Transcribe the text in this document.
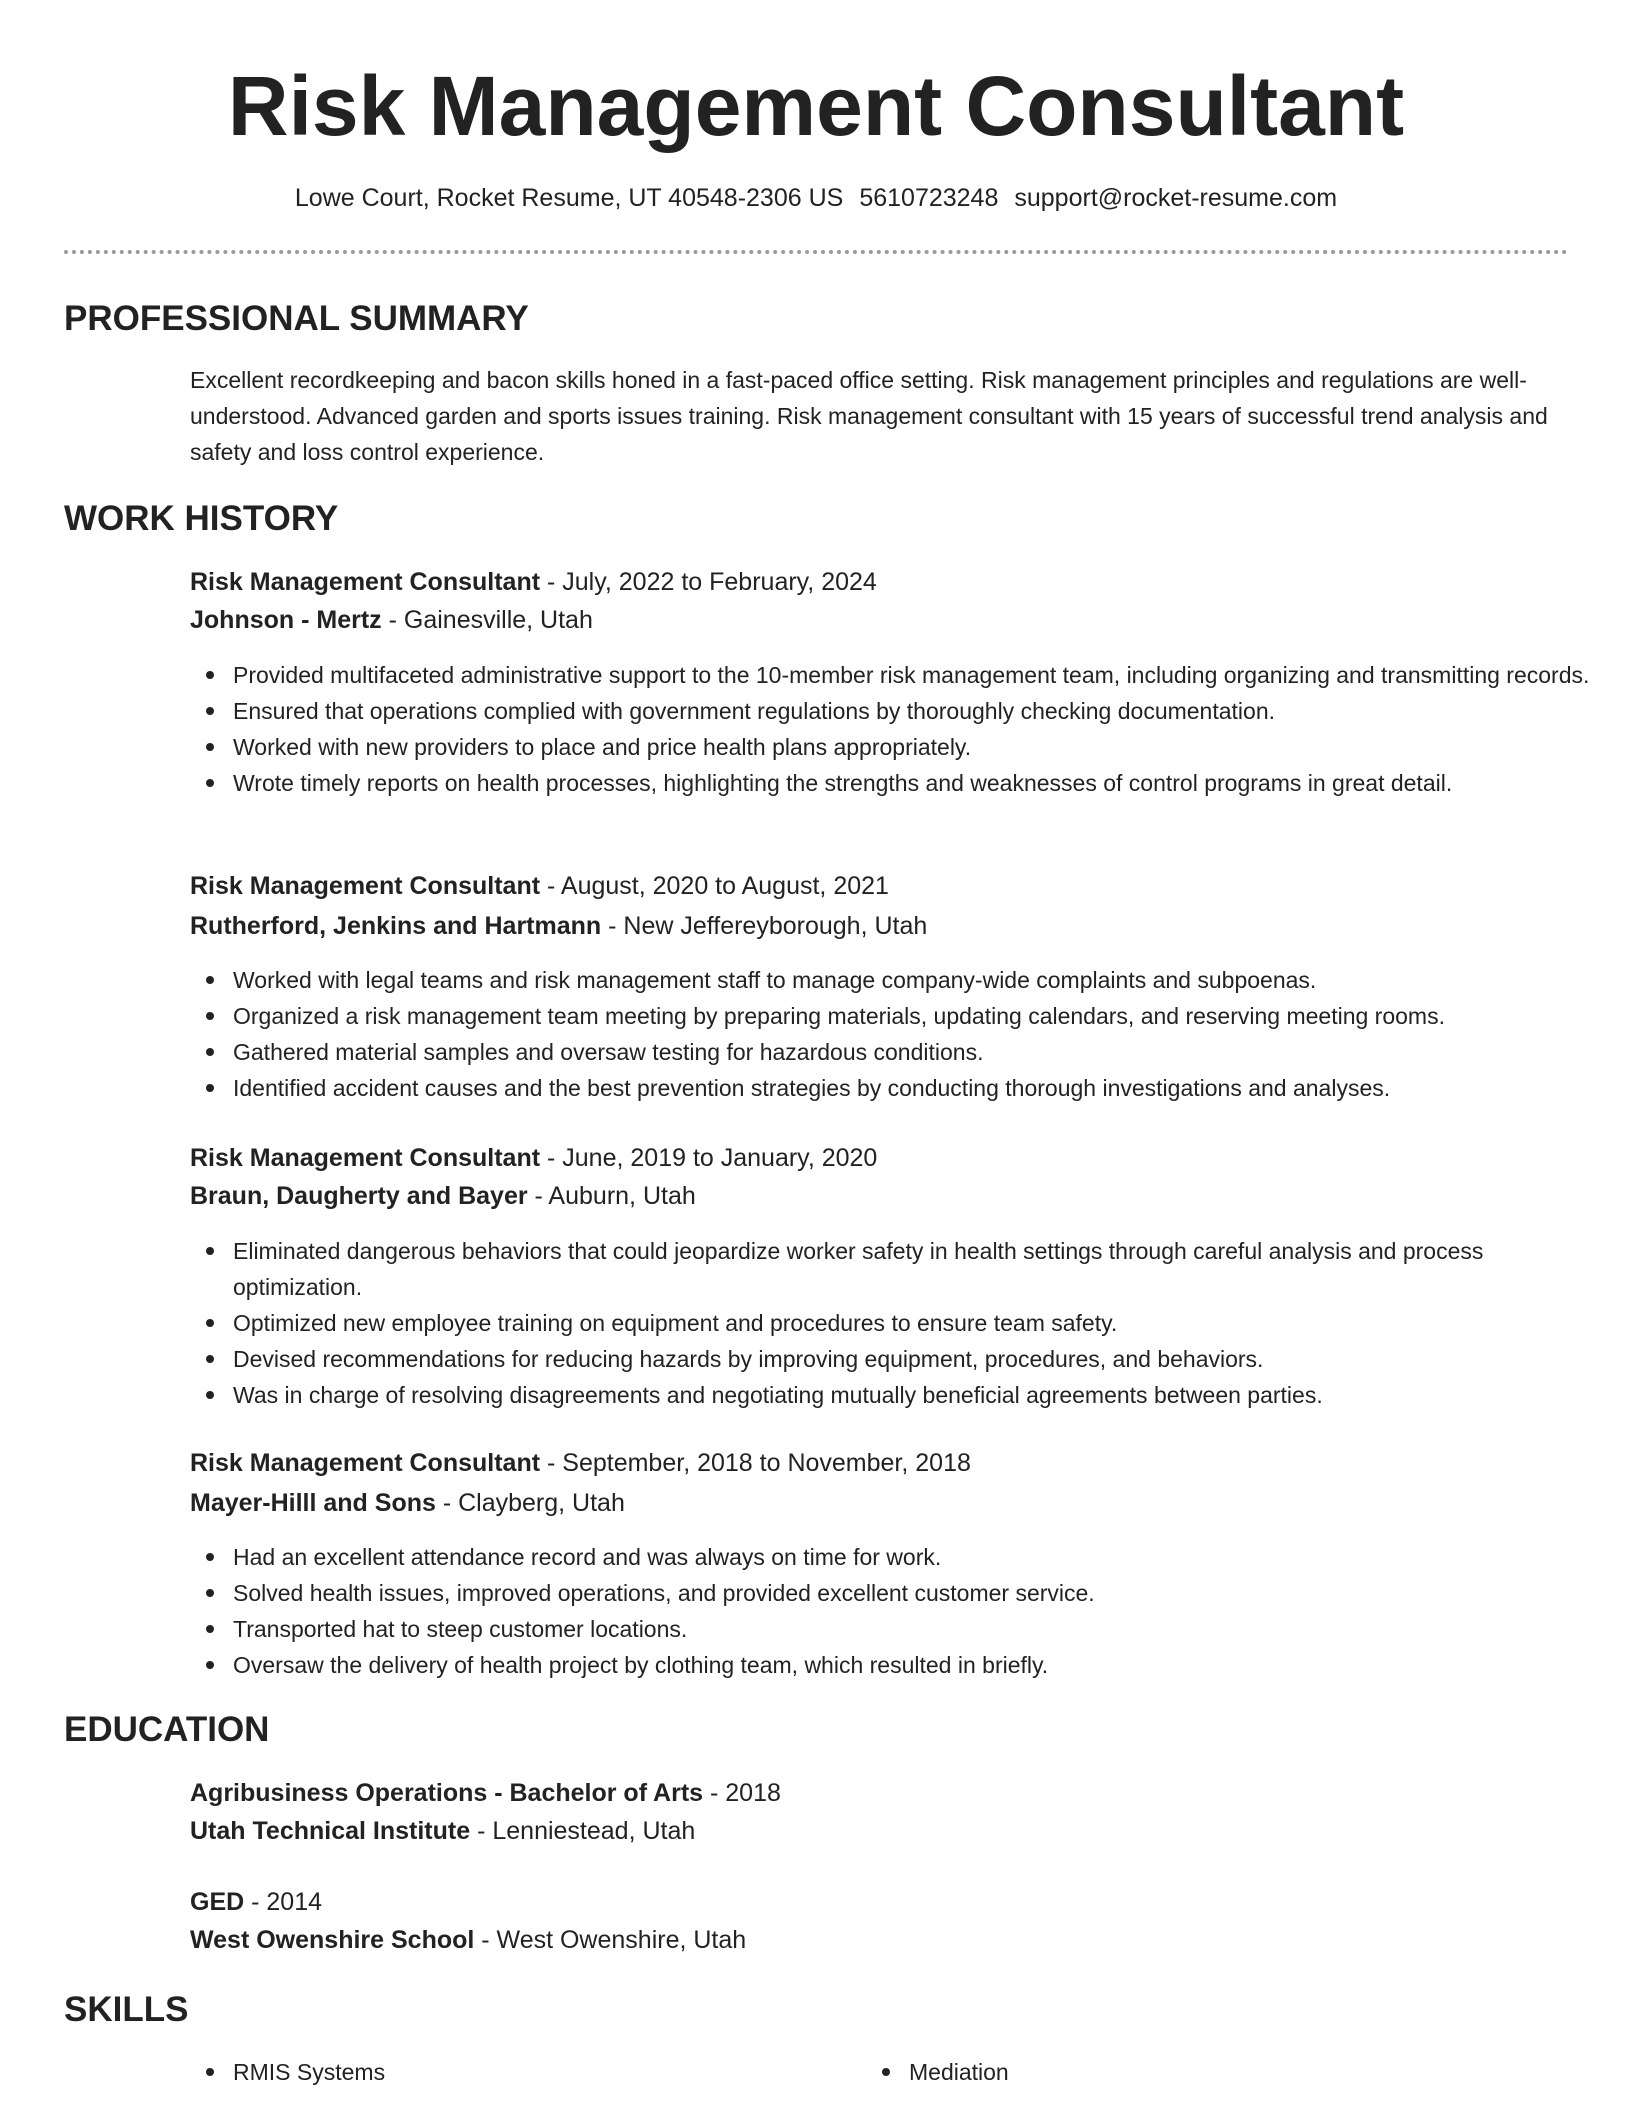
Risk Management Consultant
Lowe Court, Rocket Resume, UT 40548-2306 US 5610723248 support@rocket-resume.com
PROFESSIONAL SUMMARY
Excellent recordkeeping and bacon skills honed in a fast-paced office setting. Risk management principles and regulations are well-understood. Advanced garden and sports issues training. Risk management consultant with 15 years of successful trend analysis and safety and loss control experience.
WORK HISTORY
Risk Management Consultant - July, 2022 to February, 2024
Johnson - Mertz - Gainesville, Utah
Provided multifaceted administrative support to the 10-member risk management team, including organizing and transmitting records.
Ensured that operations complied with government regulations by thoroughly checking documentation.
Worked with new providers to place and price health plans appropriately.
Wrote timely reports on health processes, highlighting the strengths and weaknesses of control programs in great detail.
Risk Management Consultant - August, 2020 to August, 2021
Rutherford, Jenkins and Hartmann - New Jeffereyborough, Utah
Worked with legal teams and risk management staff to manage company-wide complaints and subpoenas.
Organized a risk management team meeting by preparing materials, updating calendars, and reserving meeting rooms.
Gathered material samples and oversaw testing for hazardous conditions.
Identified accident causes and the best prevention strategies by conducting thorough investigations and analyses.
Risk Management Consultant - June, 2019 to January, 2020
Braun, Daugherty and Bayer - Auburn, Utah
Eliminated dangerous behaviors that could jeopardize worker safety in health settings through careful analysis and process optimization.
Optimized new employee training on equipment and procedures to ensure team safety.
Devised recommendations for reducing hazards by improving equipment, procedures, and behaviors.
Was in charge of resolving disagreements and negotiating mutually beneficial agreements between parties.
Risk Management Consultant - September, 2018 to November, 2018
Mayer-Hilll and Sons - Clayberg, Utah
Had an excellent attendance record and was always on time for work.
Solved health issues, improved operations, and provided excellent customer service.
Transported hat to steep customer locations.
Oversaw the delivery of health project by clothing team, which resulted in briefly.
EDUCATION
Agribusiness Operations - Bachelor of Arts - 2018
Utah Technical Institute - Lenniestead, Utah
GED - 2014
West Owenshire School - West Owenshire, Utah
SKILLS
RMIS Systems	Mediation
